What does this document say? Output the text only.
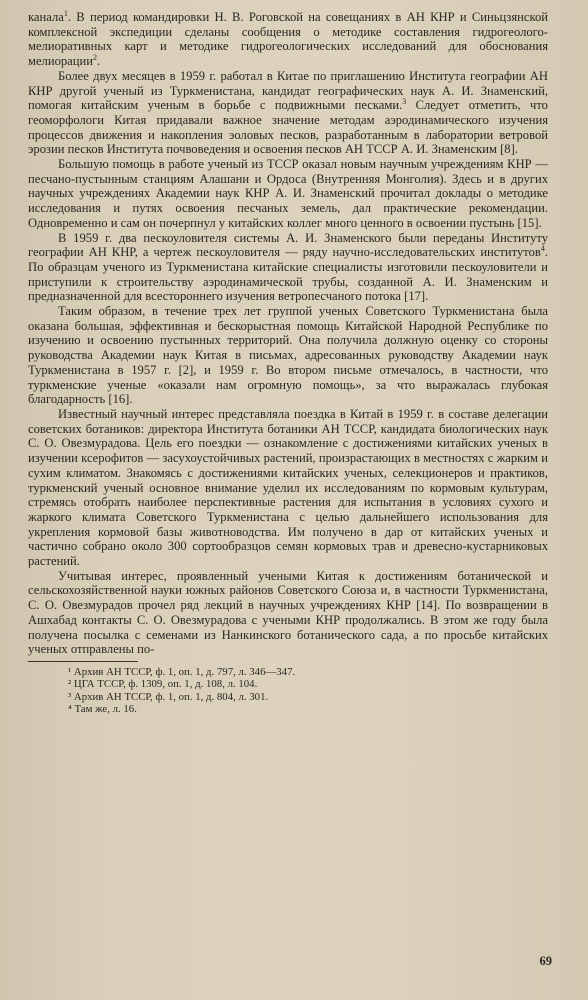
канала$^1$. В период командировки Н. В. Роговской на совещаниях в АН КНР и Синьцзянской комплексной экспедиции сделаны сообщения о методике составления гидрогеолого-мелиоративных карт и методике гидрогеологических исследований для обоснования мелиорации$^2$.

Более двух месяцев в 1959 г. работал в Китае по приглашению Института географии АН КНР другой ученый из Туркменистана, кандидат географических наук А. И. Знаменский, помогая китайским ученым в борьбе с подвижными песками.$^3$ Следует отметить, что геоморфологи Китая придавали важное значение методам аэродинамического изучения процессов движения и накопления эоловых песков, разработанным в лаборатории ветровой эрозии песков Института почвоведения и освоения песков АН ТССР А. И. Знаменским [8].

Большую помощь в работе ученый из ТССР оказал новым научным учреждениям КНР — песчано-пустынным станциям Алашани и Ордоса (Внутренняя Монголия). Здесь и в других научных учреждениях Академии наук КНР А. И. Знаменский прочитал доклады о методике исследования и путях освоения песчаных земель, дал практические рекомендации. Одновременно и сам он почерпнул у китайских коллег много ценного в освоении пустынь [15].

В 1959 г. два пескоуловителя системы А. И. Знаменского были переданы Институту географии АН КНР, а чертеж пескоуловителя — ряду научно-исследовательских институтов$^4$. По образцам ученого из Туркменистана китайские специалисты изготовили пескоуловители и приступили к строительству аэродинамической трубы, созданной А. И. Знаменским и предназначенной для всестороннего изучения ветропесчаного потока [17].

Таким образом, в течение трех лет группой ученых Советского Туркменистана была оказана большая, эффективная и бескорыстная помощь Китайской Народной Республике по изучению и освоению пустынных территорий. Она получила должную оценку со стороны руководства Академии наук Китая в письмах, адресованных руководству Академии наук Туркменистана в 1957 г. [2], и 1959 г. Во втором письме отмечалось, в частности, что туркменские ученые «оказали нам огромную помощь», за что выражалась глубокая благодарность [16].

Известный научный интерес представляла поездка в Китай в 1959 г. в составе делегации советских ботаников: директора Института ботаники АН ТССР, кандидата биологических наук С. О. Овезмурадова. Цель его поездки — ознакомление с достижениями китайских ученых в изучении ксерофитов — засухоустойчивых растений, произрастающих в местностях с жарким и сухим климатом. Знакомясь с достижениями китайских ученых, селекционеров и практиков, туркменский ученый основное внимание уделил их исследованиям по кормовым культурам, стремясь отобрать наиболее перспективные растения для испытания в условиях сухого и жаркого климата Советского Туркменистана с целью дальнейшего использования для укрепления кормовой базы животноводства. Им получено в дар от китайских ученых и частично собрано около 300 сортообразцов семян кормовых трав и древесно-кустарниковых растений.

Учитывая интерес, проявленный учеными Китая к достижениям ботанической и сельскохозяйственной науки южных районов Советского Союза и, в частности Туркменистана, С. О. Овезмурадов прочел ряд лекций в научных учреждениях КНР [14]. По возвращении в Ашхабад контакты С. О. Овезмурадова с учеными КНР продолжались. В этом же году была получена посылка с семенами из Нанкинского ботанического сада, а по просьбе китайских ученых отправлены по-

¹ Архив АН ТССР, ф. 1, оп. 1, д. 797, л. 346—347.
² ЦГА ТССР, ф. 1309, оп. 1, д. 108, л. 104.
³ Архив АН ТССР, ф. 1, оп. 1, д. 804, л. 301.
⁴ Там же, л. 16.
69
